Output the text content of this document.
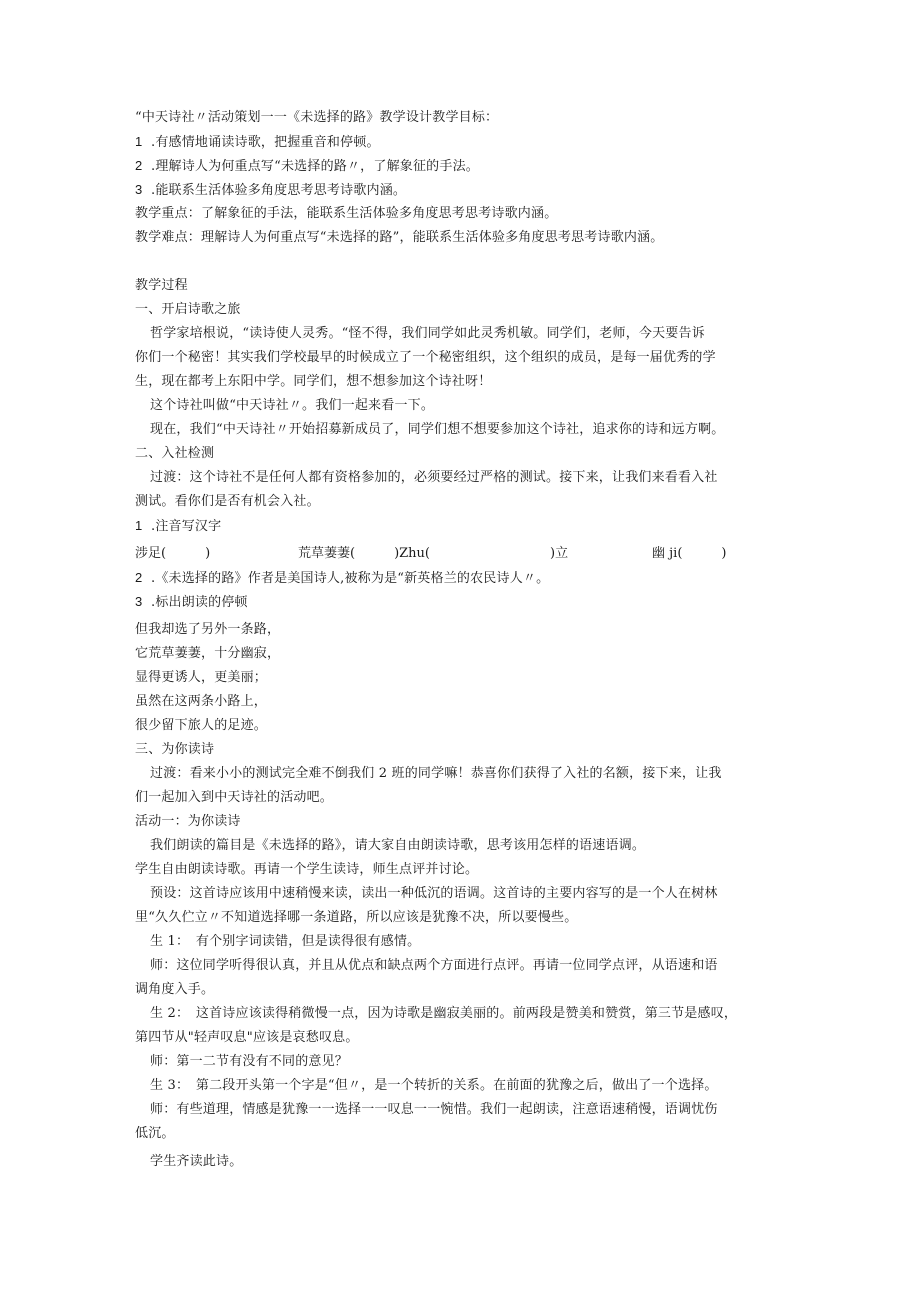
“中天诗社〃活动策划一一《未选择的路》教学设计教学目标：
1 .有感情地诵读诗歌，把握重音和停顿。
2 .理解诗人为何重点写“未选择的路〃，了解象征的手法。
3 .能联系生活体验多角度思考思考诗歌内涵。
教学重点：了解象征的手法，能联系生活体验多角度思考思考诗歌内涵。
教学难点：理解诗人为何重点写“未选择的路”，能联系生活体验多角度思考思考诗歌内涵。
教学过程
一、开启诗歌之旅
哲学家培根说，“读诗使人灵秀。“怪不得，我们同学如此灵秀机敏。同学们，老师，今天要告诉
你们一个秘密！其实我们学校最早的时候成立了一个秘密组织，这个组织的成员，是每一届优秀的学
生，现在都考上东阳中学。同学们，想不想参加这个诗社呀！
这个诗社叫做“中天诗社〃。我们一起来看一下。
现在，我们“中天诗社〃开始招募新成员了，同学们想不想要参加这个诗社，追求你的诗和远方啊。
二、入社检测
过渡：这个诗社不是任何人都有资格参加的，必须要经过严格的测试。接下来，让我们来看看入社
测试。看你们是否有机会入社。
1 .注音写汉字
涉足(　　　)	荒草萋萋(　　　)Zhu(	)立	幽 ji(　　　)
2 .《未选择的路》作者是美国诗人,被称为是“新英格兰的农民诗人〃。
3 .标出朗读的停顿
但我却选了另外一条路，
它荒草萋萋，十分幽寂，
显得更诱人，更美丽；
虽然在这两条小路上，
很少留下旅人的足迹。
三、为你读诗
过渡：看来小小的测试完全难不倒我们 2 班的同学嘛！恭喜你们获得了入社的名额，接下来，让我
们一起加入到中天诗社的活动吧。
活动一：为你读诗
我们朗读的篇目是《未选择的路》，请大家自由朗读诗歌，思考该用怎样的语速语调。
学生自由朗读诗歌。再请一个学生读诗，师生点评并讨论。
预设：这首诗应该用中速稍慢来读，读出一种低沉的语调。这首诗的主要内容写的是一个人在树林
里“久久伫立〃不知道选择哪一条道路，所以应该是犹豫不决，所以要慢些。
生 1：　有个别字词读错，但是读得很有感情。
师：这位同学听得很认真，并且从优点和缺点两个方面进行点评。再请一位同学点评，从语速和语
调角度入手。
生 2：　这首诗应该读得稍微慢一点，因为诗歌是幽寂美丽的。前两段是赞美和赞赏，第三节是感叹，
第四节从"轻声叹息"应该是哀愁叹息。
师：第一二节有没有不同的意见？
生 3：　第二段开头第一个字是“但〃，是一个转折的关系。在前面的犹豫之后，做出了一个选择。
师：有些道理，情感是犹豫一一选择一一叹息一一惋惜。我们一起朗读，注意语速稍慢，语调忧伤
低沉。
学生齐读此诗。
